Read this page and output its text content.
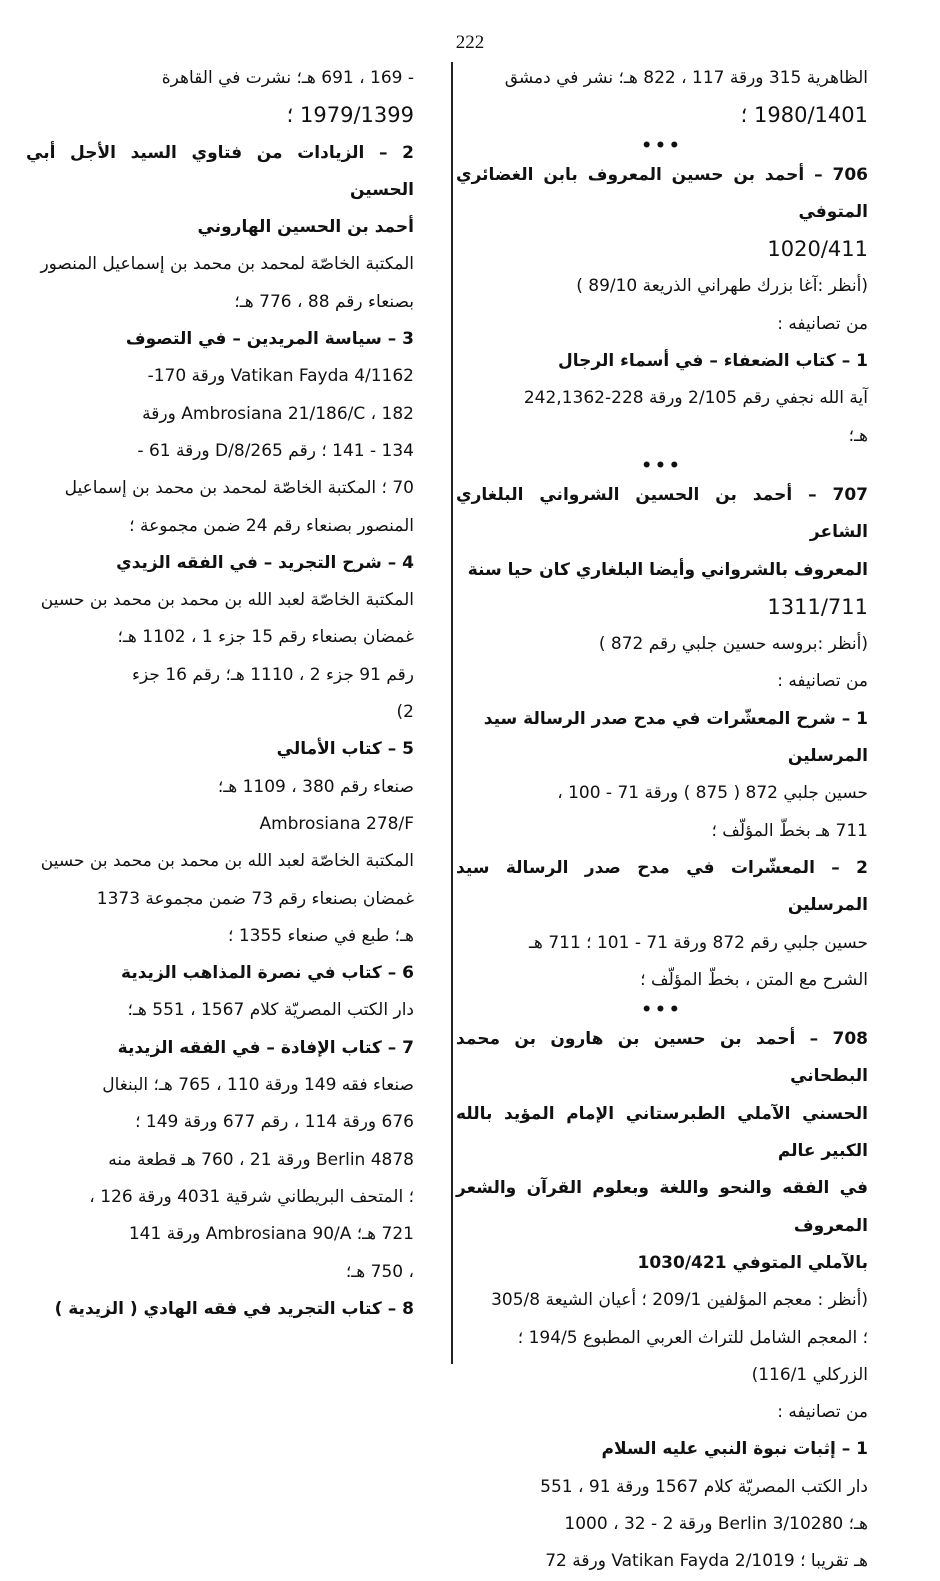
222
الظاهرية 315 ورقة 117 ، 822 هـ؛ نشر في دمشق
1980/1401 ؛
•••
706 – أحمد بن حسين المعروف بابن الغضائري المتوفي
1020/411
(أنظر :آغا بزرك طهراني الذريعة 89/10 )
من تصانيفه :
1 – كتاب الضعفاء – في أسماء الرجال
آية الله نجفي رقم 2/105 ورقة 228-242,1362
هـ؛
•••
707 – أحمد بن الحسين الشرواني البلغاري الشاعر
المعروف بالشرواني وأيضا البلغاري كان حيا سنة
1311/711
(أنظر :بروسه حسين جلبي رقم 872 )
من تصانيفه :
1 – شرح المعشّرات في مدح صدر الرسالة سيد
المرسلين
حسين جلبي 872 ( 875 ) ورقة 71 - 100 ،
711 هـ بخطّ المؤلّف ؛
2 – المعشّرات في مدح صدر الرسالة سيد المرسلين
حسين جلبي رقم 872 ورقة 71 - 101 ؛ 711 هـ
الشرح مع المتن ، بخطّ المؤلّف ؛
•••
708 – أحمد بن حسين بن هارون بن محمد البطحاني
الحسني الآملي الطبرستاني الإمام المؤيد بالله الكبير عالم
في الفقه والنحو واللغة وبعلوم القرآن والشعر المعروف
بالآملي المتوفي 1030/421
(أنظر : معجم المؤلفين 209/1 ؛ أعيان الشيعة 305/8
؛ المعجم الشامل للتراث العربي المطبوع 194/5 ؛
الزركلي 116/1)
من تصانيفه :
1 – إثبات نبوة النبي عليه السلام
دار الكتب المصريّة كلام 1567 ورقة 91 ، 551
هـ؛ Berlin 3/10280 ورقة 2 - 32 ، 1000
هـ تقريبا ؛ Vatikan Fayda 2/1019 ورقة 72
- 169 ، 691 هـ؛ نشرت في القاهرة
1979/1399 ؛
2 – الزيادات من فتاوي السيد الأجل أبي الحسين
أحمد بن الحسين الهاروني
المكتبة الخاصّة لمحمد بن محمد بن إسماعيل المنصور
بصنعاء رقم 88 ، 776 هـ؛
3 – سياسة المريدين – في التصوف
Vatikan Fayda 4/1162 ورقة 170-
182 ، Ambrosiana 21/186/C ورقة
134 - 141 ؛ رقم 8/265/D ورقة 61 -
70 ؛ المكتبة الخاصّة لمحمد بن محمد بن إسماعيل
المنصور بصنعاء رقم 24 ضمن مجموعة ؛
4 – شرح التجريد – في الفقه الزيدي
المكتبة الخاصّة لعبد الله بن محمد بن محمد بن حسين
غمضان بصنعاء رقم 15 جزء 1 ، 1102 هـ؛
رقم 91 جزء 2 ، 1110 هـ؛ رقم 16 جزء
2)
5 – كتاب الأمالي
صنعاء رقم 380 ، 1109 هـ؛
Ambrosiana 278/F
المكتبة الخاصّة لعبد الله بن محمد بن محمد بن حسين
غمضان بصنعاء رقم 73 ضمن مجموعة 1373
هـ؛ طبع في صنعاء 1355 ؛
6 – كتاب في نصرة المذاهب الزيدية
دار الكتب المصريّة كلام 1567 ، 551 هـ؛
7 – كتاب الإفادة – في الفقه الزيدية
صنعاء فقه 149 ورقة 110 ، 765 هـ؛ البنغال
676 ورقة 114 ، رقم 677 ورقة 149 ؛
Berlin 4878 ورقة 21 ، 760 هـ قطعة منه
؛ المتحف البريطاني شرقية 4031 ورقة 126 ،
721 هـ؛ Ambrosiana 90/A ورقة 141
، 750 هـ؛
8 – كتاب التجريد في فقه الهادي ( الزيدية )
